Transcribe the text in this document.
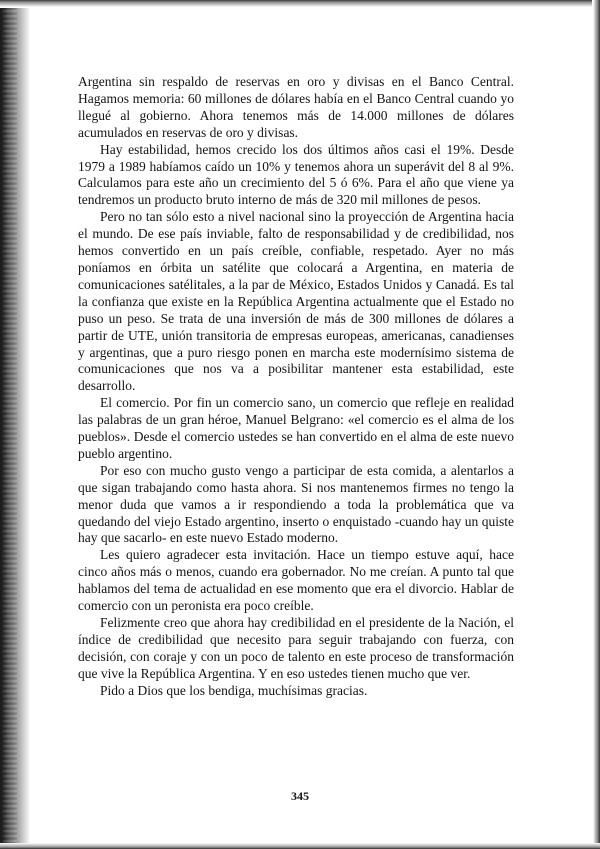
Argentina sin respaldo de reservas en oro y divisas en el Banco Central. Hagamos memoria: 60 millones de dólares había en el Banco Central cuando yo llegué al gobierno. Ahora tenemos más de 14.000 millones de dólares acumulados en reservas de oro y divisas.

Hay estabilidad, hemos crecido los dos últimos años casi el 19%. Desde 1979 a 1989 habíamos caído un 10% y tenemos ahora un superávit del 8 al 9%. Calculamos para este año un crecimiento del 5 ó 6%. Para el año que viene ya tendremos un producto bruto interno de más de 320 mil millones de pesos.

Pero no tan sólo esto a nivel nacional sino la proyección de Argentina hacia el mundo. De ese país inviable, falto de responsabilidad y de credibilidad, nos hemos convertido en un país creíble, confiable, respetado. Ayer no más poníamos en órbita un satélite que colocará a Argentina, en materia de comunicaciones satélitales, a la par de México, Estados Unidos y Canadá. Es tal la confianza que existe en la República Argentina actualmente que el Estado no puso un peso. Se trata de una inversión de más de 300 millones de dólares a partir de UTE, unión transitoria de empresas europeas, americanas, canadienses y argentinas, que a puro riesgo ponen en marcha este modernísimo sistema de comunicaciones que nos va a posibilitar mantener esta estabilidad, este desarrollo.

El comercio. Por fin un comercio sano, un comercio que refleje en realidad las palabras de un gran héroe, Manuel Belgrano: «el comercio es el alma de los pueblos». Desde el comercio ustedes se han convertido en el alma de este nuevo pueblo argentino.

Por eso con mucho gusto vengo a participar de esta comida, a alentarlos a que sigan trabajando como hasta ahora. Si nos mantenemos firmes no tengo la menor duda que vamos a ir respondiendo a toda la problemática que va quedando del viejo Estado argentino, inserto o enquistado -cuando hay un quiste hay que sacarlo- en este nuevo Estado moderno.

Les quiero agradecer esta invitación. Hace un tiempo estuve aquí, hace cinco años más o menos, cuando era gobernador. No me creían. A punto tal que hablamos del tema de actualidad en ese momento que era el divorcio. Hablar de comercio con un peronista era poco creíble.

Felizmente creo que ahora hay credibilidad en el presidente de la Nación, el índice de credibilidad que necesito para seguir trabajando con fuerza, con decisión, con coraje y con un poco de talento en este proceso de transformación que vive la República Argentina. Y en eso ustedes tienen mucho que ver.

Pido a Dios que los bendiga, muchísimas gracias.

345
